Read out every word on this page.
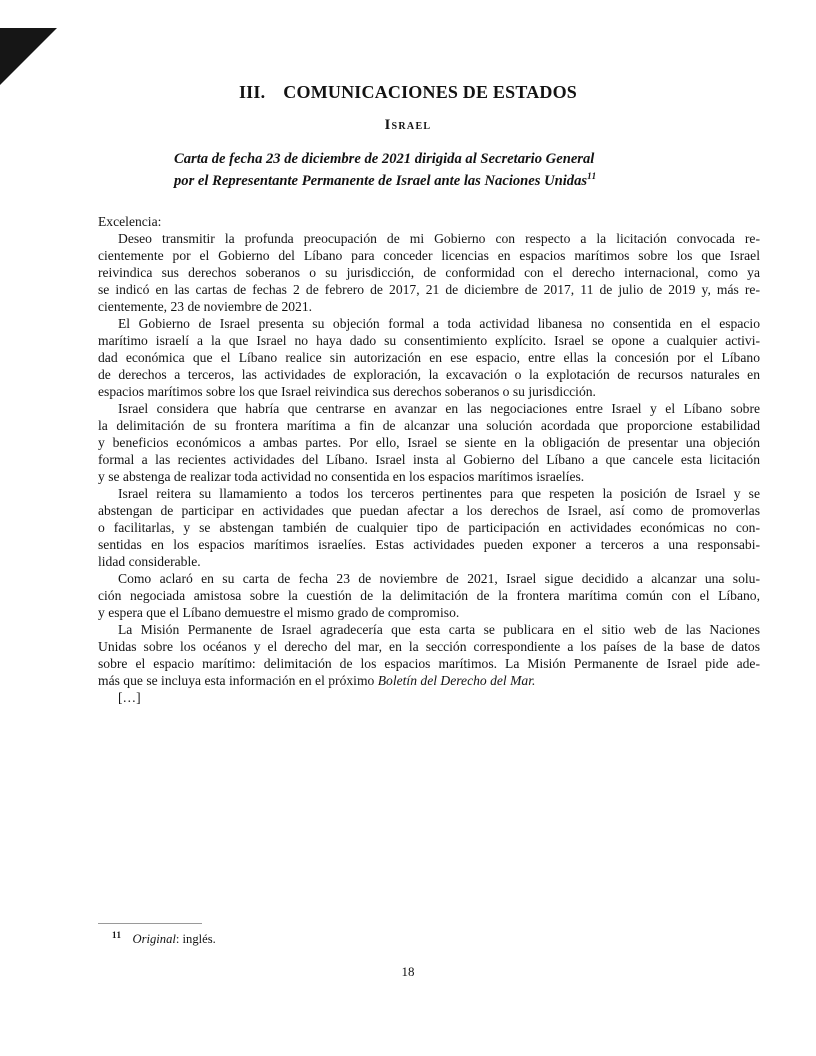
III. COMUNICACIONES DE ESTADOS
Israel
Carta de fecha 23 de diciembre de 2021 dirigida al Secretario General
por el Representante Permanente de Israel ante las Naciones Unidas$^{11}$
Excelencia:
Deseo transmitir la profunda preocupación de mi Gobierno con respecto a la licitación convocada re-
cientemente por el Gobierno del Líbano para conceder licencias en espacios marítimos sobre los que Israel
reivindica sus derechos soberanos o su jurisdicción, de conformidad con el derecho internacional, como ya
se indicó en las cartas de fechas 2 de febrero de 2017, 21 de diciembre de 2017, 11 de julio de 2019 y, más re-
cientemente, 23 de noviembre de 2021.
El Gobierno de Israel presenta su objeción formal a toda actividad libanesa no consentida en el espacio
marítimo israelí a la que Israel no haya dado su consentimiento explícito. Israel se opone a cualquier activi-
dad económica que el Líbano realice sin autorización en ese espacio, entre ellas la concesión por el Líbano
de derechos a terceros, las actividades de exploración, la excavación o la explotación de recursos naturales en
espacios marítimos sobre los que Israel reivindica sus derechos soberanos o su jurisdicción.
Israel considera que habría que centrarse en avanzar en las negociaciones entre Israel y el Líbano sobre
la delimitación de su frontera marítima a fin de alcanzar una solución acordada que proporcione estabilidad
y beneficios económicos a ambas partes. Por ello, Israel se siente en la obligación de presentar una objeción
formal a las recientes actividades del Líbano. Israel insta al Gobierno del Líbano a que cancele esta licitación
y se abstenga de realizar toda actividad no consentida en los espacios marítimos israelíes.
Israel reitera su llamamiento a todos los terceros pertinentes para que respeten la posición de Israel y se
abstengan de participar en actividades que puedan afectar a los derechos de Israel, así como de promoverlas
o facilitarlas, y se abstengan también de cualquier tipo de participación en actividades económicas no con-
sentidas en los espacios marítimos israelíes. Estas actividades pueden exponer a terceros a una responsabi-
lidad considerable.
Como aclaró en su carta de fecha 23 de noviembre de 2021, Israel sigue decidido a alcanzar una solu-
ción negociada amistosa sobre la cuestión de la delimitación de la frontera marítima común con el Líbano,
y espera que el Líbano demuestre el mismo grado de compromiso.
La Misión Permanente de Israel agradecería que esta carta se publicara en el sitio web de las Naciones
Unidas sobre los océanos y el derecho del mar, en la sección correspondiente a los países de la base de datos
sobre el espacio marítimo: delimitación de los espacios marítimos. La Misión Permanente de Israel pide ade-
más que se incluya esta información en el próximo Boletín del Derecho del Mar.
[…]
$^{11}$ Original: inglés.
18
